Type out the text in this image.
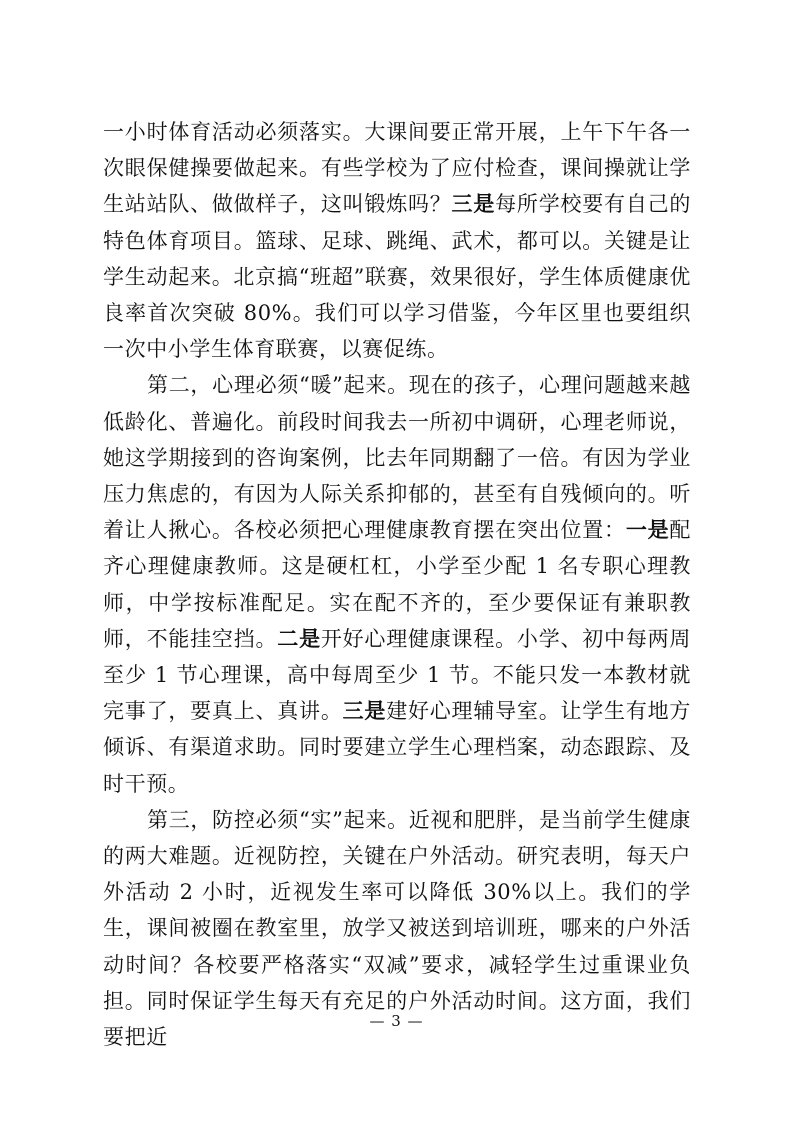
一小时体育活动必须落实。大课间要正常开展，上午下午各一次眼保健操要做起来。有些学校为了应付检查，课间操就让学生站站队、做做样子，这叫锻炼吗？三是每所学校要有自己的特色体育项目。篮球、足球、跳绳、武术，都可以。关键是让学生动起来。北京搞“班超”联赛，效果很好，学生体质健康优良率首次突破 80%。我们可以学习借鉴，今年区里也要组织一次中小学生体育联赛，以赛促练。

第二，心理必须“暖”起来。现在的孩子，心理问题越来越低龄化、普遍化。前段时间我去一所初中调研，心理老师说，她这学期接到的咨询案例，比去年同期翻了一倍。有因为学业压力焦虑的，有因为人际关系抑郁的，甚至有自残倾向的。听着让人揪心。各校必须把心理健康教育摆在突出位置：一是配齐心理健康教师。这是硬杠杠，小学至少配 1 名专职心理教师，中学按标准配足。实在配不齐的，至少要保证有兼职教师，不能挂空挡。二是开好心理健康课程。小学、初中每两周至少 1 节心理课，高中每周至少 1 节。不能只发一本教材就完事了，要真上、真讲。三是建好心理辅导室。让学生有地方倾诉、有渠道求助。同时要建立学生心理档案，动态跟踪、及时干预。

第三，防控必须“实”起来。近视和肥胖，是当前学生健康的两大难题。近视防控，关键在户外活动。研究表明，每天户外活动 2 小时，近视发生率可以降低 30%以上。我们的学生，课间被圈在教室里，放学又被送到培训班，哪来的户外活动时间？各校要严格落实“双减”要求，减轻学生过重课业负担。同时保证学生每天有充足的户外活动时间。这方面，我们要把近

— 3 —
